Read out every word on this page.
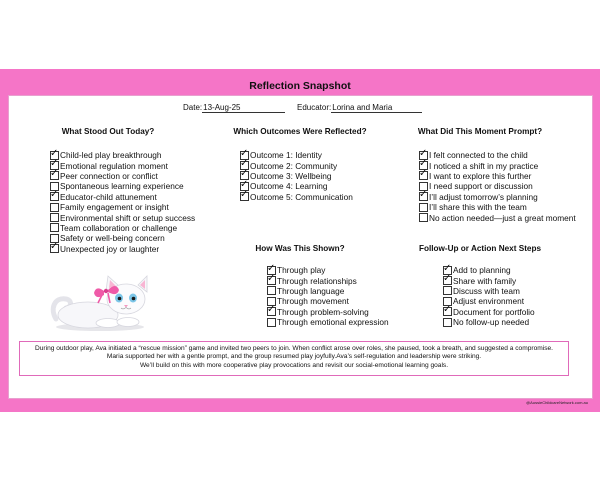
Reflection Snapshot
Date:13-Aug-25	Educator:Lorina and Maria
What Stood Out Today?	Which Outcomes Were Reflected?	What Did This Moment Prompt?
How Was This Shown?	Follow-Up or Action Next Steps
✓
Child-led play breakthrough
✓
Emotional regulation moment
✓
Peer connection or conflict
Spontaneous learning experience
✓
Educator-child attunement
Family engagement or insight
Environmental shift or setup success
Team collaboration or challenge
Safety or well-being concern
✓
Unexpected joy or laughter
✓
Outcome 1: Identity
✓
Outcome 2: Community
✓
Outcome 3: Wellbeing
✓
Outcome 4: Learning
✓
Outcome 5: Communication
✓
I felt connected to the child
✓
I noticed a shift in my practice
✓
I want to explore this further
I need support or discussion
✓
I’ll adjust tomorrow’s planning
I’ll share this with the team
No action needed—just a great moment
✓
Through play
✓
Through relationships
Through language
Through movement
✓
Through problem-solving
Through emotional expression
✓
Add to planning
✓
Share with family
Discuss with team
Adjust environment
✓
Document for portfolio
No follow-up needed

During outdoor play, Ava initiated a “rescue mission” game and invited two peers to join. When conflict arose over roles, she paused, took a breath, and suggested a compromise.

Maria supported her with a gentle prompt, and the group resumed play joyfully.Ava’s self-regulation and leadership were striking.

We’ll build on this with more cooperative play provocations and revisit our social-emotional learning goals.

@AussieChildcareNetwork.com.au
